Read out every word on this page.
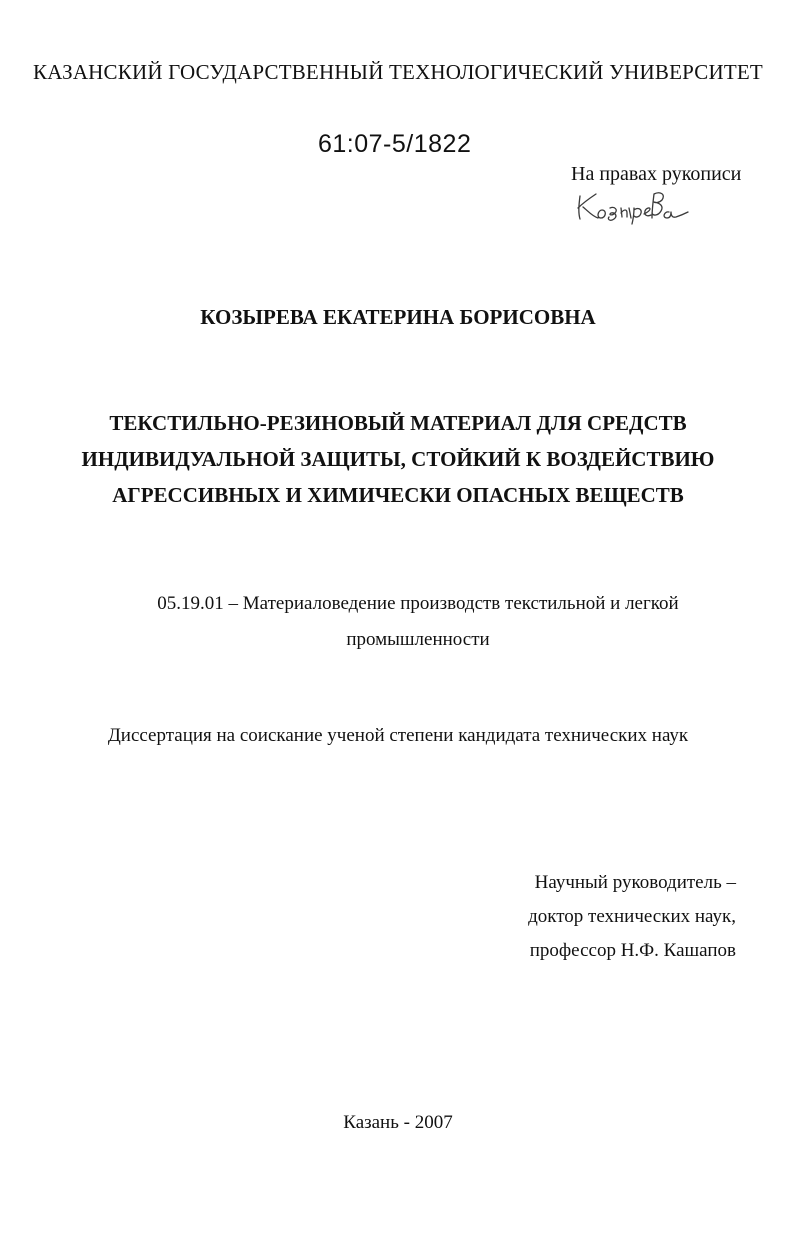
КАЗАНСКИЙ ГОСУДАРСТВЕННЫЙ ТЕХНОЛОГИЧЕСКИЙ УНИВЕРСИТЕТ
61:07-5/1822
На правах рукописи
КОЗЫРЕВА ЕКАТЕРИНА БОРИСОВНА
ТЕКСТИЛЬНО-РЕЗИНОВЫЙ МАТЕРИАЛ ДЛЯ СРЕДСТВ
ИНДИВИДУАЛЬНОЙ ЗАЩИТЫ, СТОЙКИЙ К ВОЗДЕЙСТВИЮ
АГРЕССИВНЫХ И ХИМИЧЕСКИ ОПАСНЫХ ВЕЩЕСТВ
05.19.01 – Материаловедение производств текстильной и легкой промышленности
Диссертация на соискание ученой степени кандидата технических наук
Научный руководитель –
доктор технических наук,
профессор Н.Ф. Кашапов
Казань - 2007
